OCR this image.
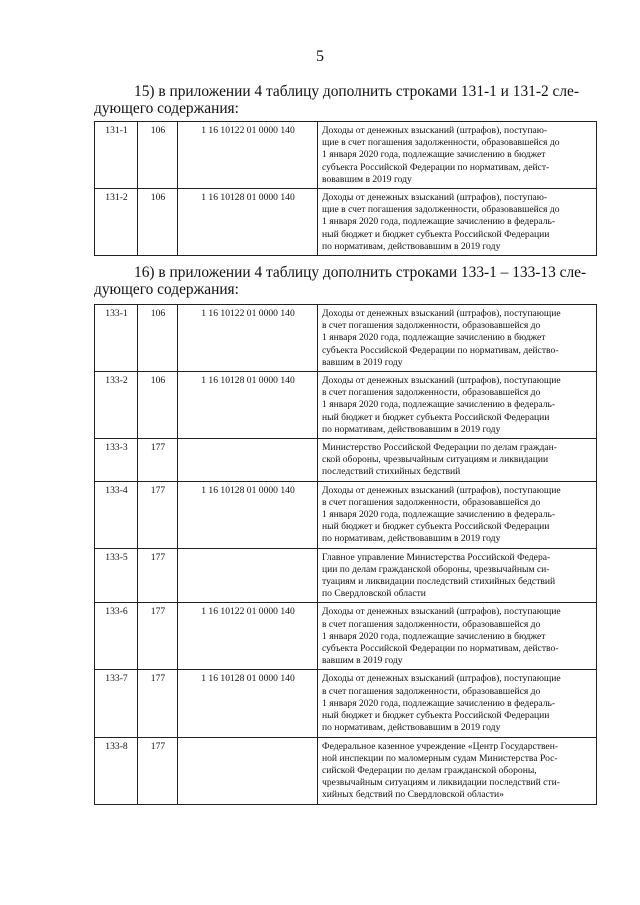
5
15) в приложении 4 таблицу дополнить строками 131-1 и 131-2 сле-
дующего содержания:
131-1	106	1 16 10122 01 0000 140	Доходы от денежных взысканий (штрафов), поступаю-
щие в счет погашения задолженности, образовавшейся до
1 января 2020 года, подлежащие зачислению в бюджет
субъекта Российской Федерации по нормативам, дейст-
вовавшим в 2019 году

131-2	106	1 16 10128 01 0000 140	Доходы от денежных взысканий (штрафов), поступаю-
щие в счет погашения задолженности, образовавшейся до
1 января 2020 года, подлежащие зачислению в федераль-
ный бюджет и бюджет субъекта Российской Федерации
по нормативам, действовавшим в 2019 году
16) в приложении 4 таблицу дополнить строками 133-1 – 133-13 сле-
дующего содержания:
133-1	106	1 16 10122 01 0000 140	Доходы от денежных взысканий (штрафов), поступающие
в счет погашения задолженности, образовавшейся до
1 января 2020 года, подлежащие зачислению в бюджет
субъекта Российской Федерации по нормативам, действо-
вавшим в 2019 году

133-2	106	1 16 10128 01 0000 140	Доходы от денежных взысканий (штрафов), поступающие
в счет погашения задолженности, образовавшейся до
1 января 2020 года, подлежащие зачислению в федераль-
ный бюджет и бюджет субъекта Российской Федерации
по нормативам, действовавшим в 2019 году

133-3	177		Министерство Российской Федерации по делам граждан-
ской обороны, чрезвычайным ситуациям и ликвидации
последствий стихийных бедствий

133-4	177	1 16 10128 01 0000 140	Доходы от денежных взысканий (штрафов), поступающие
в счет погашения задолженности, образовавшейся до
1 января 2020 года, подлежащие зачислению в федераль-
ный бюджет и бюджет субъекта Российской Федерации
по нормативам, действовавшим в 2019 году

133-5	177		Главное управление Министерства Российской Федера-
ции по делам гражданской обороны, чрезвычайным си-
туациям и ликвидации последствий стихийных бедствий
по Свердловской области

133-6	177	1 16 10122 01 0000 140	Доходы от денежных взысканий (штрафов), поступающие
в счет погашения задолженности, образовавшейся до
1 января 2020 года, подлежащие зачислению в бюджет
субъекта Российской Федерации по нормативам, действо-
вавшим в 2019 году

133-7	177	1 16 10128 01 0000 140	Доходы от денежных взысканий (штрафов), поступающие
в счет погашения задолженности, образовавшейся до
1 января 2020 года, подлежащие зачислению в федераль-
ный бюджет и бюджет субъекта Российской Федерации
по нормативам, действовавшим в 2019 году

133-8	177		Федеральное казенное учреждение «Центр Государствен-
ной инспекции по маломерным судам Министерства Рос-
сийской Федерации по делам гражданской обороны,
чрезвычайным ситуациям и ликвидации последствий сти-
хийных бедствий по Свердловской области»
